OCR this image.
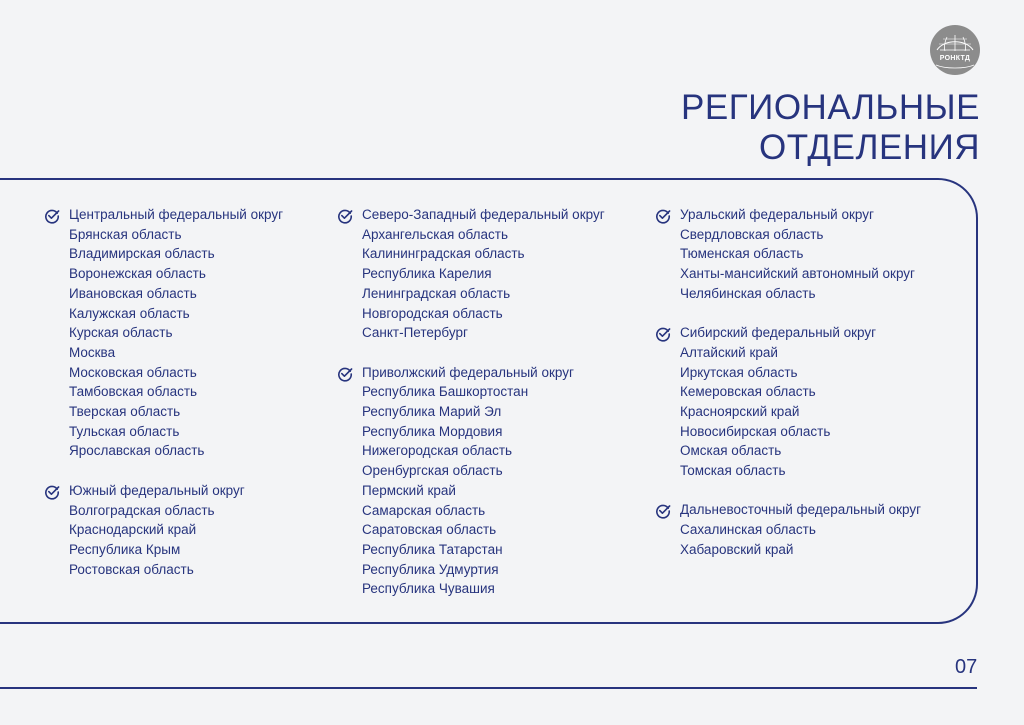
РОНКТД
РЕГИОНАЛЬНЫЕ
ОТДЕЛЕНИЯ
Центральный федеральный округ
Брянская область
Владимирская область
Воронежская область
Ивановская область
Калужская область
Курская область
Москва
Московская область
Тамбовская область
Тверская область
Тульская область
Ярославская область
Южный федеральный округ
Волгоградская область
Краснодарский край
Республика Крым
Ростовская область
Северо-Западный федеральный округ
Архангельская область
Калининградская область
Республика Карелия
Ленинградская область
Новгородская область
Санкт-Петербург
Приволжский федеральный округ
Республика Башкортостан
Республика Марий Эл
Республика Мордовия
Нижегородская область
Оренбургская область
Пермский край
Самарская область
Саратовская область
Республика Татарстан
Республика Удмуртия
Республика Чувашия
Уральский федеральный округ
Свердловская область
Тюменская область
Ханты-мансийский автономный округ
Челябинская область
Сибирский федеральный округ
Алтайский край
Иркутская область
Кемеровская область
Красноярский край
Новосибирская область
Омская область
Томская область
Дальневосточный федеральный округ
Сахалинская область
Хабаровский край
07
